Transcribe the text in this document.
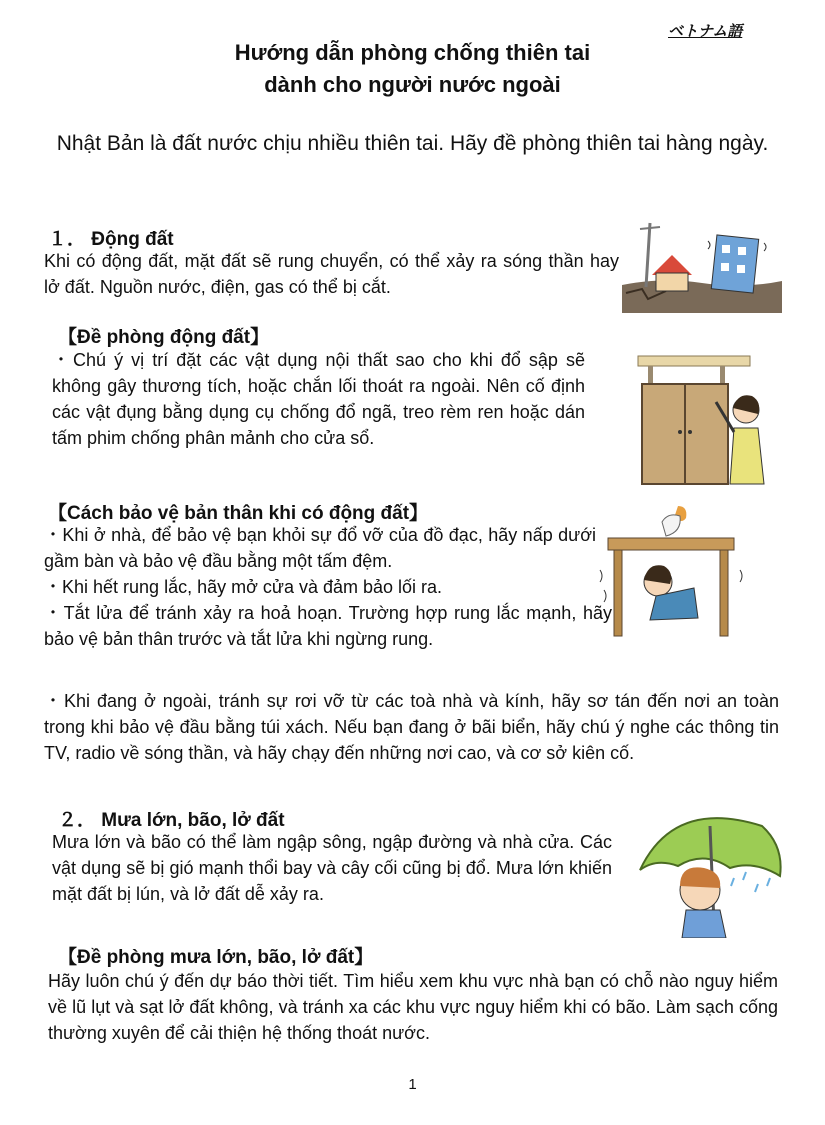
ベトナム語
Hướng dẫn phòng chống thiên tai
dành cho người nước ngoài
Nhật Bản là đất nước chịu nhiều thiên tai. Hãy đề phòng thiên tai hàng ngày.
１． Động đất
Khi có động đất, mặt đất sẽ rung chuyển, có thể xảy ra sóng thần hay lở đất. Nguồn nước, điện, gas có thể bị cắt.
【Đề phòng động đất】
・Chú ý vị trí đặt các vật dụng nội thất sao cho khi đổ sập sẽ không gây thương tích, hoặc chắn lối thoát ra ngoài. Nên cố định các vật đụng bằng dụng cụ chống đổ ngã, treo rèm ren hoặc dán tấm phim chống phân mảnh cho cửa sổ.
【Cách bảo vệ bản thân khi có động đất】
・Khi ở nhà, để bảo vệ bạn khỏi sự đổ vỡ của đồ đạc, hãy nấp dưới gầm bàn và bảo vệ đầu bằng một tấm đệm.
・Khi hết rung lắc, hãy mở cửa và đảm bảo lối ra.
・Tắt lửa để tránh xảy ra hoả hoạn. Trường hợp rung lắc mạnh, hãy bảo vệ bản thân trước và tắt lửa khi ngừng rung.
・Khi đang ở ngoài, tránh sự rơi vỡ từ các toà nhà và kính, hãy sơ tán đến nơi an toàn trong khi bảo vệ đầu bằng túi xách. Nếu bạn đang ở bãi biển, hãy chú ý nghe các thông tin TV, radio về sóng thần, và hãy chạy đến những nơi cao, và cơ sở kiên cố.
２． Mưa lớn, bão, lở đất
Mưa lớn và bão có thể làm ngập sông, ngập đường và nhà cửa. Các vật dụng sẽ bị gió mạnh thổi bay và cây cối cũng bị đổ. Mưa lớn khiến mặt đất bị lún, và lở đất dễ xảy ra.
【Đề phòng mưa lớn, bão, lở đất】
Hãy luôn chú ý đến dự báo thời tiết. Tìm hiểu xem khu vực nhà bạn có chỗ nào nguy hiểm về lũ lụt và sạt lở đất không, và tránh xa các khu vực nguy hiểm khi có bão. Làm sạch cống thường xuyên để cải thiện hệ thống thoát nước.
1
